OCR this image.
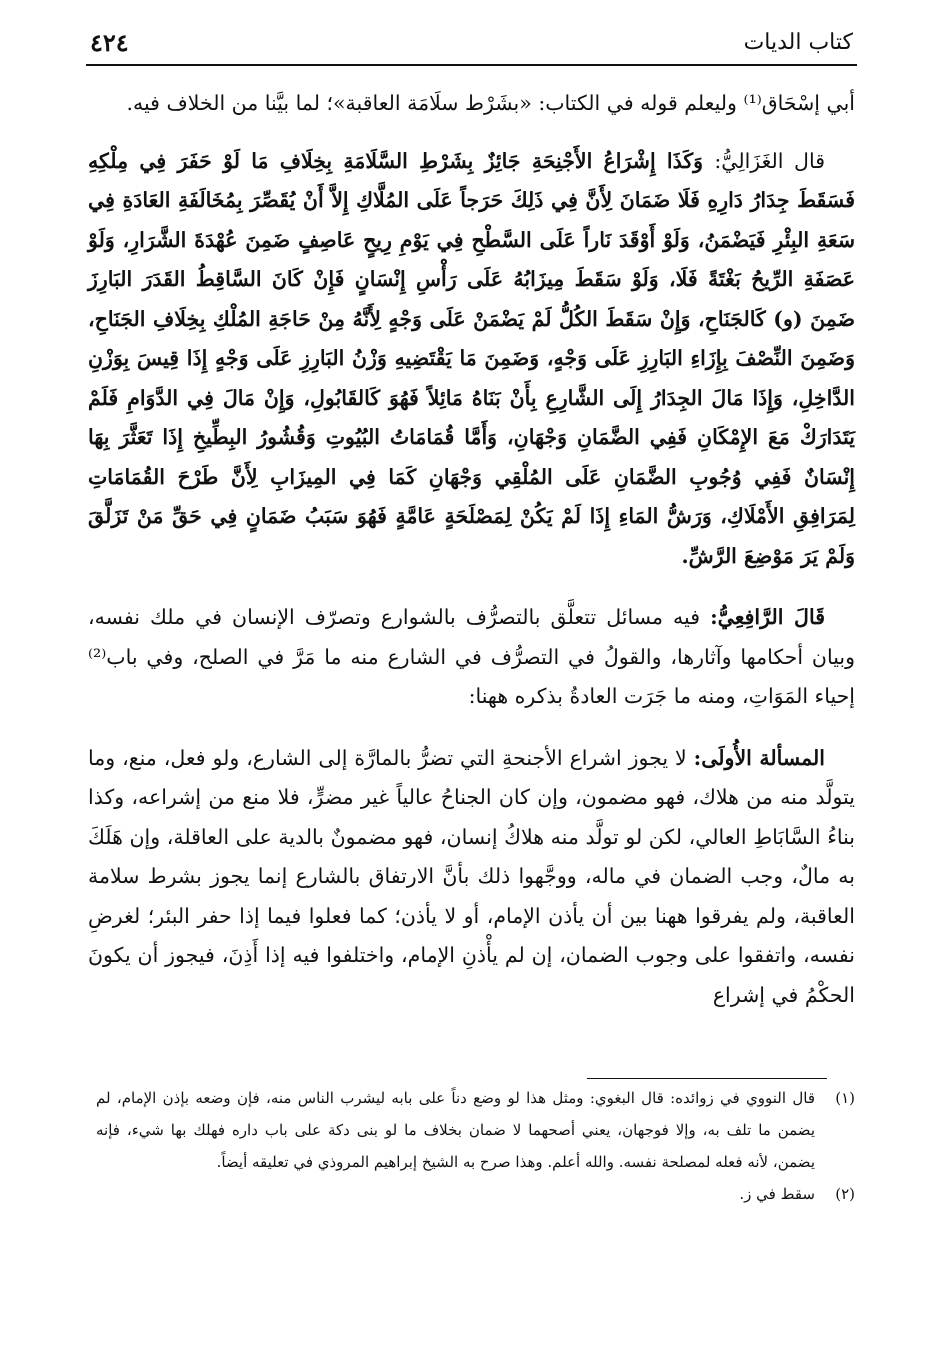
كتاب الديات
٤٢٤

أبي إسْحَاق⁽¹⁾ وليعلم قوله في الكتاب: «بشَرْط سلَامَة العاقبة»؛ لما بيَّنا من الخلاف فيه.

قال الغَزَالِيُّ: وَكَذَا إِشْرَاعُ الأَجْنِحَةِ جَائِزٌ بِشَرْطِ السَّلَامَةِ بِخِلَافِ مَا لَوْ حَفَرَ فِي مِلْكِهِ فَسَقَطَ جِدَارُ دَارِهِ فَلَا ضَمَانَ لِأَنَّ فِي ذَلِكَ حَرَجاً عَلَى المُلَّاكِ إِلاَّ أَنْ يُقَصِّرَ بِمُخَالَفَةِ العَادَةِ فِي سَعَةِ البِئْرِ فَيَضْمَنُ، وَلَوْ أَوْقَدَ نَاراً عَلَى السَّطْحِ فِي يَوْمِ رِيحٍ عَاصِفٍ ضَمِنَ عُهْدَةَ الشَّرَارِ، وَلَوْ عَصَفَةِ الرِّيحُ بَغْتَةً فَلَا، وَلَوْ سَقَطَ مِيزَابُهُ عَلَى رَأْسِ إِنْسَانٍ فَإِنْ كَانَ السَّاقِطُ القَدَرَ البَارِزَ ضَمِنَ (و) كَالجَنَاحِ، وَإِنْ سَقَطَ الكُلُّ لَمْ يَضْمَنْ عَلَى وَجْهٍ لِأَنَّهُ مِنْ حَاجَةِ المُلْكِ بِخِلَافِ الجَنَاحِ، وَضَمِنَ النِّصْفَ بِإِزَاءِ البَارِزِ عَلَى وَجْهٍ، وَضَمِنَ مَا يَقْتَضِيهِ وَزْنُ البَارِزِ عَلَى وَجْهٍ إِذَا قِيسَ بِوَزْنِ الدَّاخِلِ، وَإِذَا مَالَ الجِدَارُ إِلَى الشَّارِعِ بِأَنْ بَنَاهُ مَائِلاً فَهُوَ كَالقَابُولِ، وَإِنْ مَالَ فِي الدَّوَامِ فَلَمْ يَتَدَارَكْ مَعَ الإِمْكَانِ فَفِي الضَّمَانِ وَجْهَانِ، وَأَمَّا قُمَامَاتُ البُيُوتِ وَقُشُورُ البِطِّيخِ إِذَا تَعَثَّرَ بِهَا إِنْسَانٌ فَفِي وُجُوبِ الضَّمَانِ عَلَى المُلْقِي وَجْهَانِ كَمَا فِي المِيزَابِ لِأَنَّ طَرْحَ القُمَامَاتِ لِمَرَافِقِ الأَمْلَاكِ، وَرَشُّ المَاءِ إِذَا لَمْ يَكُنْ لِمَصْلَحَةٍ عَامَّةٍ فَهُوَ سَبَبُ ضَمَانٍ فِي حَقِّ مَنْ تَزَلَّقَ وَلَمْ يَرَ مَوْضِعَ الرَّشِّ.

قَالَ الرَّافِعِيُّ: فيه مسائل تتعلَّق بالتصرُّف بالشوارع وتصرّف الإنسان في ملك نفسه، وبيان أحكامها وآثارها، والقولُ في التصرُّف في الشارع منه ما مَرَّ في الصلح، وفي باب⁽²⁾ إحياء المَوَاتِ، ومنه ما جَرَت العادةُ بذكره ههنا:

المسألة الأُولَى: لا يجوز اشراع الأجنحةِ التي تضرُّ بالمارَّة إلى الشارع، ولو فعل، منع، وما يتولَّد منه من هلاك، فهو مضمون، وإن كان الجناحُ عالياً غير مضرٍّ، فلا منع من إشراعه، وكذا بناءُ السَّابَاطِ العالي، لكن لو تولَّد منه هلاكُ إنسان، فهو مضمونٌ بالدية على العاقلة، وإن هَلَكَ به مالٌ، وجب الضمان في ماله، ووجَّهوا ذلك بأنَّ الارتفاق بالشارع إنما يجوز بشرط سلامة العاقبة، ولم يفرقوا ههنا بين أن يأذن الإمام، أو لا يأذن؛ كما فعلوا فيما إذا حفر البئر؛ لغرضِ نفسه، واتفقوا على وجوب الضمان، إن لم يأْذنِ الإمام، واختلفوا فيه إذا أَذِنَ، فيجوز أن يكونَ الحكْمُ في إشراع

(١)
قال النووي في زوائده: قال البغوي: ومثل هذا لو وضع دناً على بابه ليشرب الناس منه، فإن وضعه بإذن الإمام، لم يضمن ما تلف به، وإلا فوجهان، يعني أصحهما لا ضمان بخلاف ما لو بنى دكة على باب داره فهلك بها شيء، فإنه يضمن، لأنه فعله لمصلحة نفسه. والله أعلم. وهذا صرح به الشيخ إبراهيم المروذي في تعليقه أيضاً.
(٢)
سقط في ز.
